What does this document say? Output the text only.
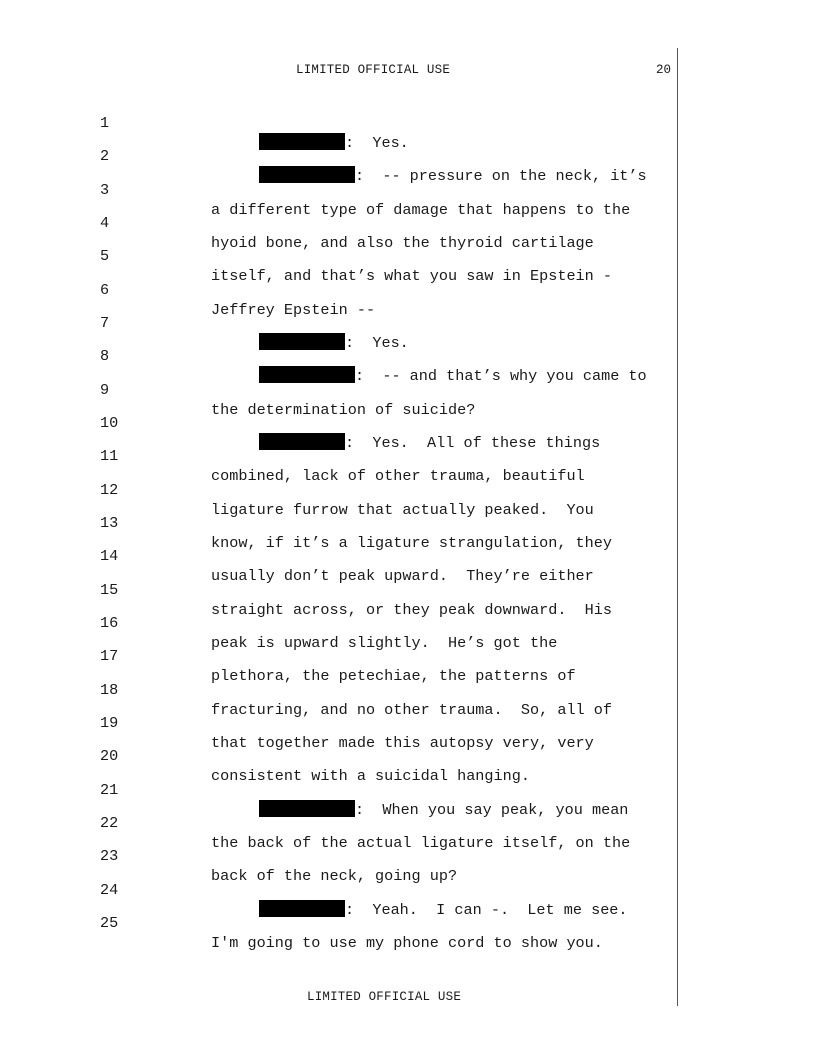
LIMITED OFFICIAL USE	20

1

:  Yes.

2

:  -- pressure on the neck, it’s

3

a different type of damage that happens to the

4

hyoid bone, and also the thyroid cartilage

5

itself, and that’s what you saw in Epstein -

6

Jeffrey Epstein --

7

:  Yes.

8

:  -- and that’s why you came to

9

the determination of suicide?

10

:  Yes.  All of these things

11

combined, lack of other trauma, beautiful

12

ligature furrow that actually peaked.  You

13

know, if it’s a ligature strangulation, they

14

usually don’t peak upward.  They’re either

15

straight across, or they peak downward.  His

16

peak is upward slightly.  He’s got the

17

plethora, the petechiae, the patterns of

18

fracturing, and no other trauma.  So, all of

19

that together made this autopsy very, very

20

consistent with a suicidal hanging.

21

:  When you say peak, you mean

22

the back of the actual ligature itself, on the

23

back of the neck, going up?

24

:  Yeah.  I can -.  Let me see.

25

I'm going to use my phone cord to show you.

LIMITED OFFICIAL USE
